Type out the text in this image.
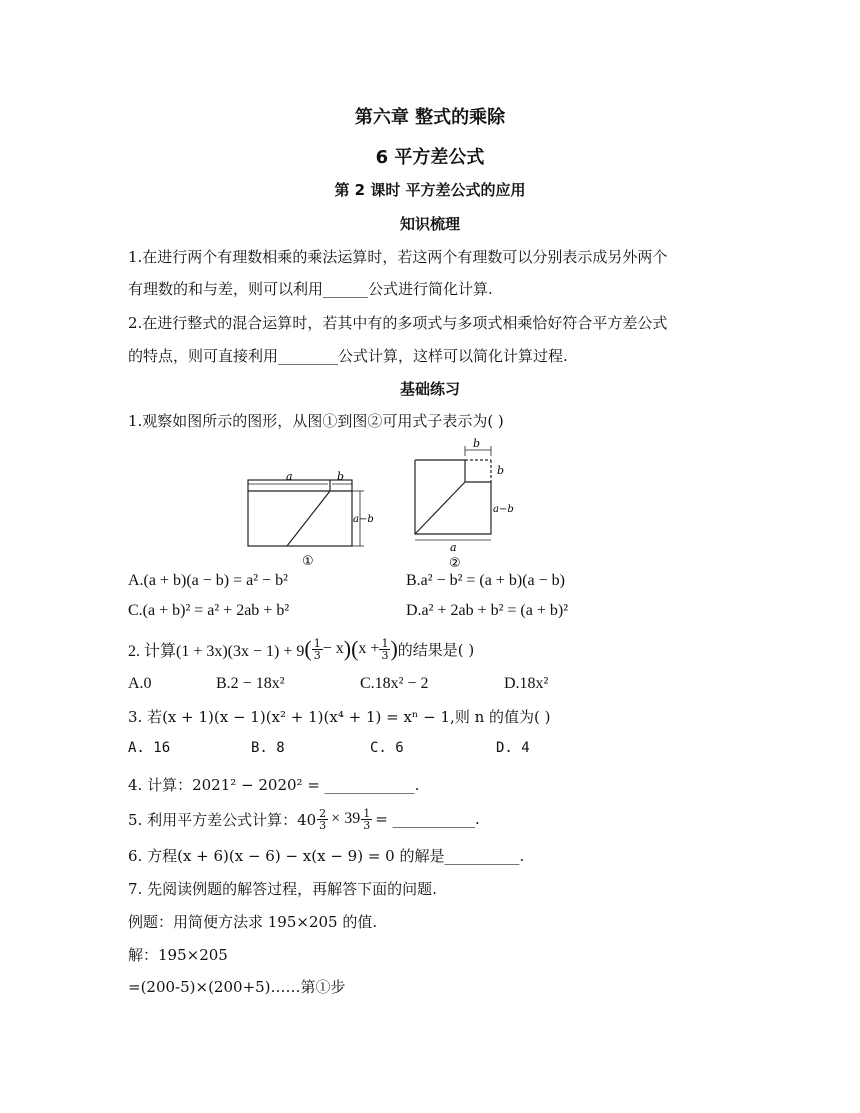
第六章 整式的乘除
6 平方差公式
第 2 课时 平方差公式的应用
知识梳理
1.在进行两个有理数相乘的乘法运算时，若这两个有理数可以分别表示成另外两个
有理数的和与差，则可以利用______公式进行简化计算.
2.在进行整式的混合运算时，若其中有的多项式与多项式相乘恰好符合平方差公式
的特点，则可直接利用________公式计算，这样可以简化计算过程.
基础练习
1.观察如图所示的图形，从图①到图②可用式子表示为( )
a	b
a−b
①
b
b
a−b
a
②
A.(a + b)(a − b) = a² − b²	B.a² − b² = (a + b)(a − b)
C.(a + b)² = a² + 2ab + b²	D.a² + 2ab + b² = (a + b)²
2. 计算(1 + 3x)(3x − 1) + 9 ( $\frac{1}{3} - x$ ) ( $x + \frac{1}{3}$ ) 的结果是( )
A.0	B.2 − 18x²	C.18x² − 2	D.18x²
3. 若(x + 1)(x − 1)(x² + 1)(x⁴ + 1) = xⁿ − 1,则 n 的值为( )
A. 16	B. 8	C. 6	D. 4
4. 计算：2021² − 2020² = ____________.
5. 利用平方差公式计算：$40 \frac{2}{3} \times 39 \frac{1}{3}$ = ___________.
6. 方程(x + 6)(x − 6) − x(x − 9) = 0 的解是__________.
7. 先阅读例题的解答过程，再解答下面的问题.
例题：用简便方法求 195×205 的值.
解：195×205
=(200-5)×(200+5)……第①步
